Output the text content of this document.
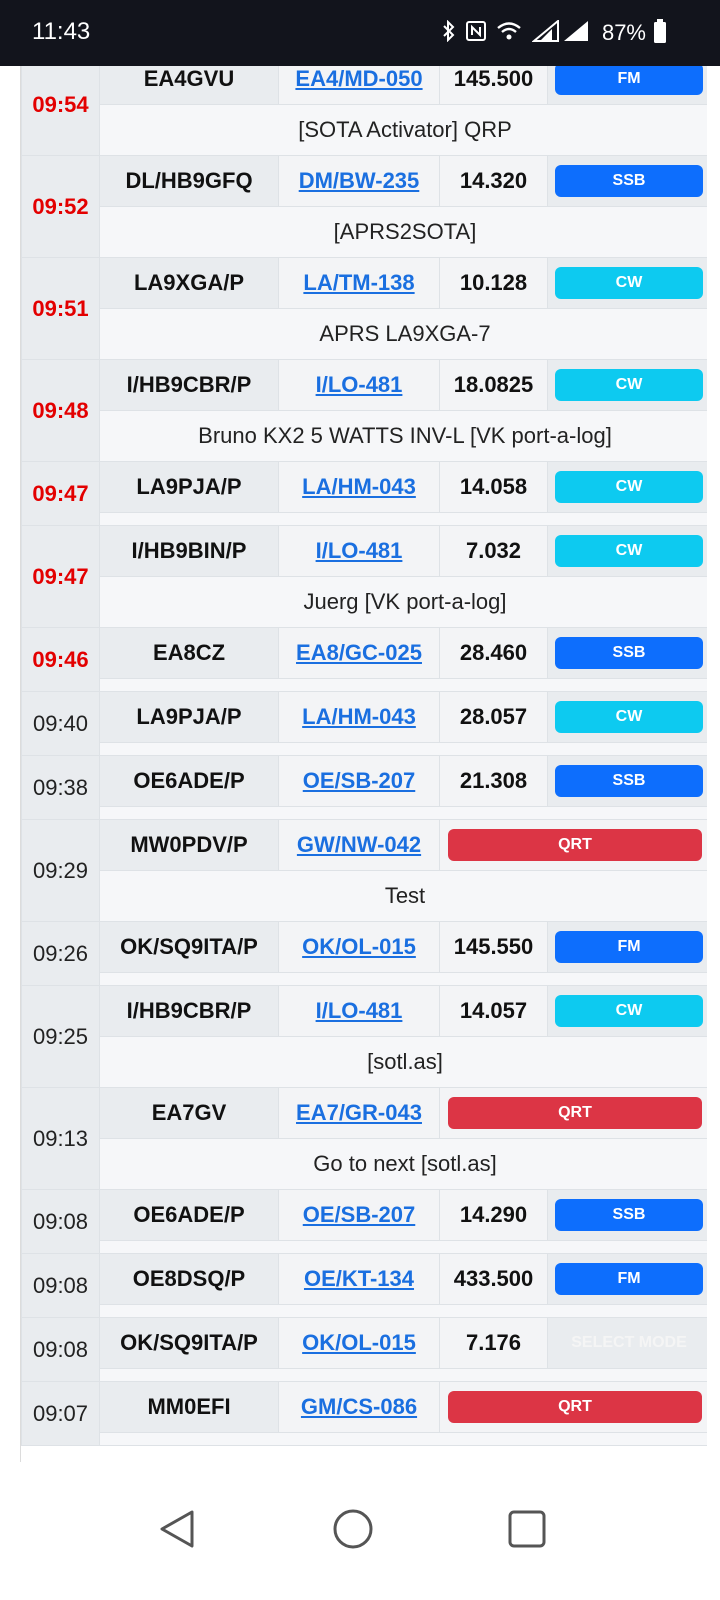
11:43	87%
09:54	EA4GVU	EA4/MD-050	145.500	FM

	[SOTA Activator] QRP			
09:52	DL/HB9GFQ	DM/BW-235	14.320	SSB

	[APRS2SOTA]			
09:51	LA9XGA/P	LA/TM-138	10.128	CW

	APRS LA9XGA-7			
09:48	I/HB9CBR/P	I/LO-481	18.0825	CW

	Bruno KX2 5 WATTS INV-L [VK port-a-log]			
09:47	LA9PJA/P	LA/HM-043	14.058	CW

09:47	I/HB9BIN/P	I/LO-481	7.032	CW

	Juerg [VK port-a-log]			
09:46	EA8CZ	EA8/GC-025	28.460	SSB

09:40	LA9PJA/P	LA/HM-043	28.057	CW

09:38	OE6ADE/P	OE/SB-207	21.308	SSB

09:29	MW0PDV/P	GW/NW-042	QRT	

	Test			
09:26	OK/SQ9ITA/P	OK/OL-015	145.550	FM

09:25	I/HB9CBR/P	I/LO-481	14.057	CW

	[sotl.as]			
09:13	EA7GV	EA7/GR-043	QRT	

	Go to next [sotl.as]			
09:08	OE6ADE/P	OE/SB-207	14.290	SSB

09:08	OE8DSQ/P	OE/KT-134	433.500	FM

09:08	OK/SQ9ITA/P	OK/OL-015	7.176	SELECT MODE

09:07	MM0EFI	GM/CS-086	QRT	
